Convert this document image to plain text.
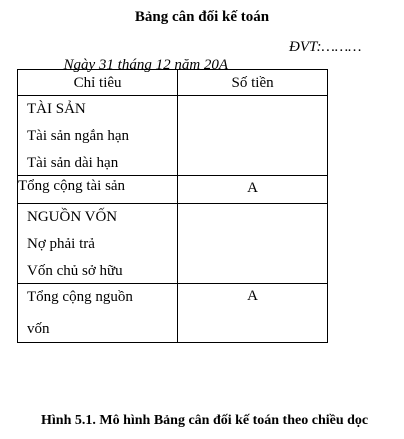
Bảng cân đối kế toán

Ngày 31 tháng 12 năm 20A

ĐVT:………

Chỉ tiêu	Số tiền

TÀI SẢN
Tài sản ngắn hạn
Tài sản dài hạn	

Tổng cộng tài sản	A

NGUỒN VỐN
Nợ phải trả
Vốn chủ sở hữu	

Tổng cộng nguồn
vốn	A
Hình 5.1. Mô hình Bảng cân đối kế toán theo chiều dọc
